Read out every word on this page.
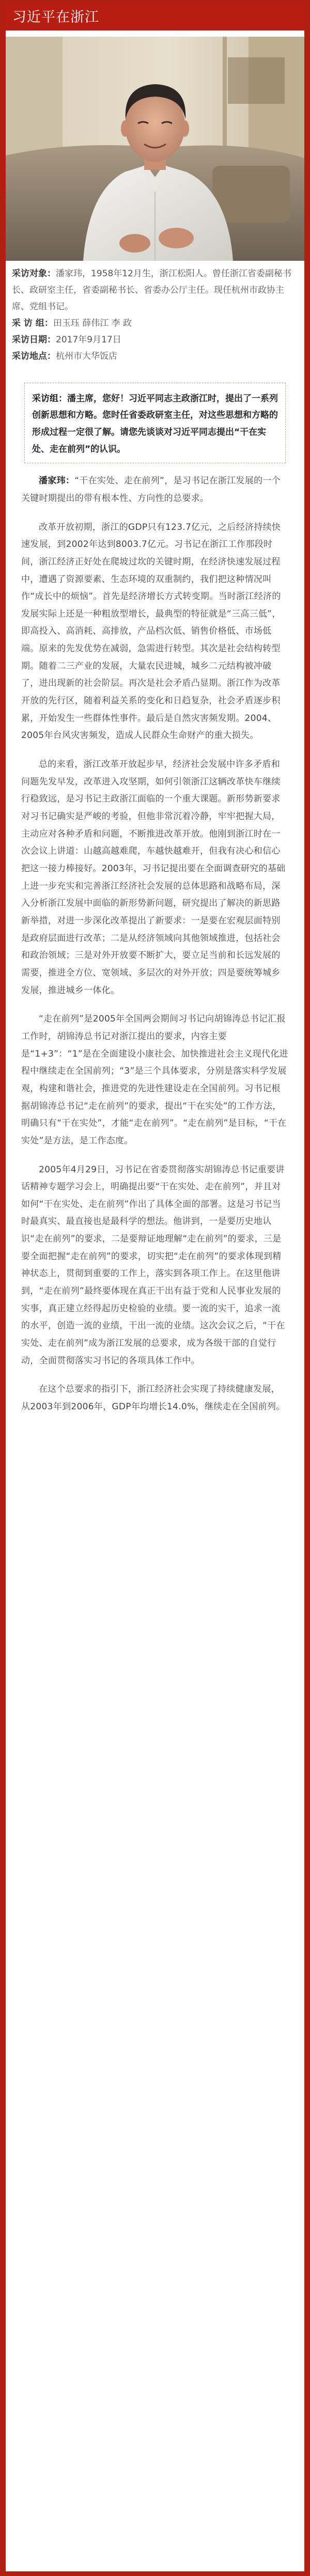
习近平在浙江
采访对象：潘家玮，1958年12月生，浙江松阳人。曾任浙江省委副秘书长、政研室主任，省委副秘书长、省委办公厅主任。现任杭州市政协主席、党组书记。
采 访 组：田玉珏 薛伟江 李 政
采访日期：2017年9月17日
采访地点：杭州市大华饭店

采访组：潘主席，您好！习近平同志主政浙江时，提出了一系列创新思想和方略。您时任省委政研室主任，对这些思想和方略的形成过程一定很了解。请您先谈谈对习近平同志提出“干在实处、走在前列”的认识。

潘家玮：“干在实处、走在前列”，是习书记在浙江发展的一个关键时期提出的带有根本性、方向性的总要求。

改革开放初期，浙江的GDP只有123.7亿元，之后经济持续快速发展，到2002年达到8003.7亿元。习书记在浙江工作那段时间，浙江经济正好处在爬坡过坎的关键时期，在经济快速发展过程中，遭遇了资源要素、生态环境的双重制约，我们把这种情况叫作“成长中的烦恼”。首先是经济增长方式转变期。当时浙江经济的发展实际上还是一种粗放型增长，最典型的特征就是“三高三低”，即高投入、高消耗、高排放，产品档次低、销售价格低、市场低端。原来的先发优势在减弱，急需进行转型。其次是社会结构转型期。随着二三产业的发展，大量农民进城，城乡二元结构被冲破了，进出现新的社会阶层。再次是社会矛盾凸显期。浙江作为改革开放的先行区，随着利益关系的变化和日趋复杂，社会矛盾逐步积累，开始发生一些群体性事件。最后是自然灾害频发期。2004、2005年台风灾害频发，造成人民群众生命财产的重大损失。

总的来看，浙江改革开放起步早，经济社会发展中许多矛盾和问题先发早发，改革进入攻坚期，如何引领浙江这辆改革快车继续行稳致远，是习书记主政浙江面临的一个重大课题。新形势新要求对习书记确实是严峻的考验，但他非常沉着冷静，牢牢把握大局，主动应对各种矛盾和问题，不断推进改革开放。他刚到浙江时在一次会议上讲道：山越高越难爬，车越快越难开，但我有决心和信心把这一接力棒接好。2003年，习书记提出要在全面调查研究的基础上进一步充实和完善浙江经济社会发展的总体思路和战略布局，深入分析浙江发展中面临的新形势新问题，研究提出了解决的新思路新举措，对进一步深化改革提出了新要求：一是要在宏观层面特别是政府层面进行改革；二是从经济领域向其他领域推进，包括社会和政治领域；三是对外开放要不断扩大，要立足当前和长远发展的需要，推进全方位、宽领域、多层次的对外开放；四是要统筹城乡发展，推进城乡一体化。

“走在前列”是2005年全国两会期间习书记向胡锦涛总书记汇报工作时，胡锦涛总书记对浙江提出的要求，内容主要是“1+3”：“1”是在全面建设小康社会、加快推进社会主义现代化进程中继续走在全国前列；“3”是三个具体要求，分别是落实科学发展观，构建和谐社会，推进党的先进性建设走在全国前列。习书记根据胡锦涛总书记“走在前列”的要求，提出“干在实处”的工作方法，明确只有“干在实处”，才能“走在前列”。“走在前列”是目标，“干在实处”是方法，是工作态度。

2005年4月29日，习书记在省委贯彻落实胡锦涛总书记重要讲话精神专题学习会上，明确提出要“干在实处、走在前列”，并且对如何“干在实处、走在前列”作出了具体全面的部署。这是习书记当时最真实、最直接也是最科学的想法。他讲到，一是要历史地认识“走在前列”的要求，二是要辩证地理解“走在前列”的要求，三是要全面把握“走在前列”的要求，切实把“走在前列”的要求体现到精神状态上，贯彻到重要的工作上，落实到各项工作上。在这里他讲到，“走在前列”最终要体现在真正干出有益于党和人民事业发展的实事，真正建立经得起历史检验的业绩。要一流的实干，追求一流的水平，创造一流的业绩，干出一流的业绩。这次会议之后，“干在实处、走在前列”成为浙江发展的总要求，成为各级干部的自觉行动，全面贯彻落实习书记的各项具体工作中。

在这个总要求的指引下，浙江经济社会实现了持续健康发展，从2003年到2006年，GDP年均增长14.0%，继续走在全国前列。
